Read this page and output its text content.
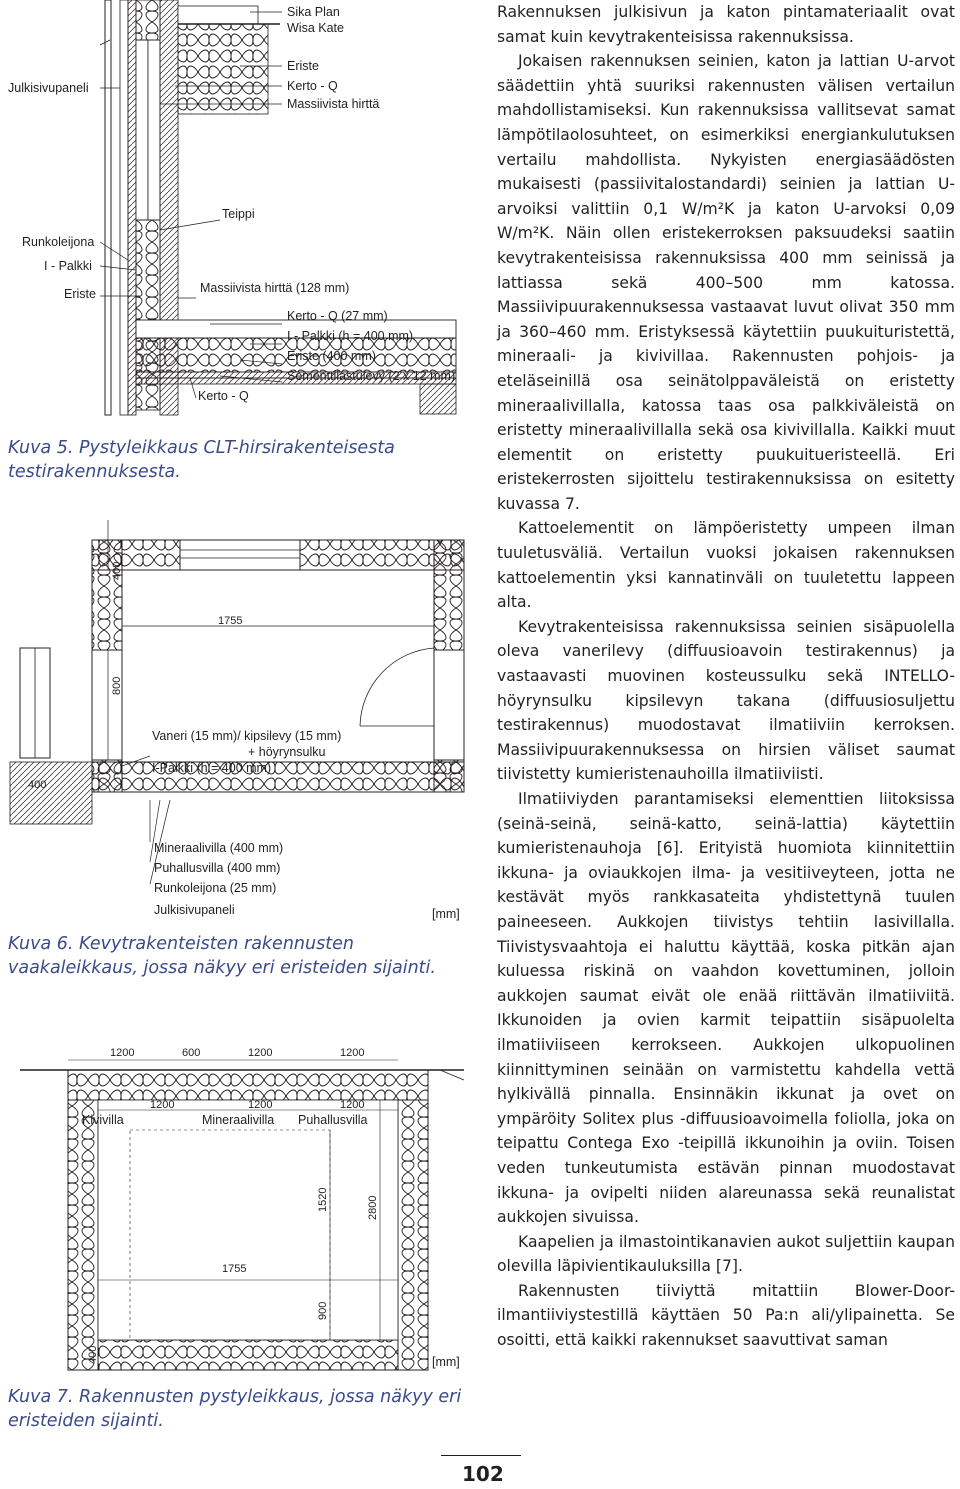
Sika Plan
Wisa Kate
Eriste
Kerto - Q
Massiivista hirttä
Julkisivupaneli
Teippi
Runkoleijona
I - Palkki
Eriste	Massiivista hirttä (128 mm)
Kerto - Q (27 mm)
I - Palkki (h = 400 mm)
Eriste (400 mm)
Sementtilastulevy (2 x 12 mm)
Kerto - Q
Kuva 5. Pystyleikkaus CLT-hirsirakenteisesta testirakennuksesta.
1755
400
800
400
Vaneri (15 mm)/ kipsilevy (15 mm)
+ höyrynsulku
I-Palkki (h = 400 mm)
Mineraalivilla (400 mm)
Puhallusvilla (400 mm)
Runkoleijona (25 mm)
Julkisivupaneli	[mm]
Kuva 6. Kevytrakenteisten rakennusten vaakaleikkaus, jossa näkyy eri eristeiden sijainti.
1200	600	1200	1200
1200	1200	1200
1755
1520	2800
900
400
Kivivilla	Mineraalivilla Puhallusvilla
[mm]
Kuva 7. Rakennusten pystyleikkaus, jossa näkyy eri eristeiden sijainti.

Rakennuksen julkisivun ja katon pintamateriaalit ovat samat kuin kevytrakenteisissa rakennuksissa.

Jokaisen rakennuksen seinien, katon ja lattian U-arvot säädettiin yhtä suuriksi rakennusten välisen vertailun mahdollistamiseksi. Kun rakennuksissa vallitsevat samat lämpötilaolosuhteet, on esimerkiksi energiankulutuksen vertailu mahdollista. Nykyisten energiasäädösten mukaisesti (passiivitalostandardi) seinien ja lattian U-arvoiksi valittiin 0,1 W/m²K ja katon U-arvoksi 0,09 W/m²K. Näin ollen eristekerroksen paksuudeksi saatiin kevytrakenteisissa rakennuksissa 400 mm seinissä ja lattiassa sekä 400–500 mm katossa. Massiivipuurakennuksessa vastaavat luvut olivat 350 mm ja 360–460 mm. Eristyksessä käytettiin puukuituristettä, mineraali- ja kivivillaa. Rakennusten pohjois- ja eteläseinillä osa seinätolppaväleistä on eristetty mineraalivillalla, katossa taas osa palkkiväleistä on eristetty mineraalivillalla sekä osa kivivillalla. Kaikki muut elementit on eristetty puukuitueristeellä. Eri eristekerrosten sijoittelu testirakennuksissa on esitetty kuvassa 7.

Kattoelementit on lämpöeristetty umpeen ilman tuuletusväliä. Vertailun vuoksi jokaisen rakennuksen kattoelementin yksi kannatinväli on tuuletettu lappeen alta.

Kevytrakenteisissa rakennuksissa seinien sisäpuolella oleva vanerilevy (diffuusioavoin testirakennus) ja vastaavasti muovinen kosteussulku sekä INTELLO-höyrynsulku kipsilevyn takana (diffuusiosuljettu testirakennus) muodostavat ilmatiiviin kerroksen. Massiivipuurakennuksessa on hirsien väliset saumat tiivistetty kumieristenauhoilla ilmatiiviisti.

Ilmatiiviyden parantamiseksi elementtien liitoksissa (seinä-seinä, seinä-katto, seinä-lattia) käytettiin kumieristenauhoja [6]. Erityistä huomiota kiinnitettiin ikkuna- ja oviaukkojen ilma- ja vesitiiveyteen, jotta ne kestävät myös rankkasateita yhdistettynä tuulen paineeseen. Aukkojen tiivistys tehtiin lasivillalla. Tiivistysvaahtoja ei haluttu käyttää, koska pitkän ajan kuluessa riskinä on vaahdon kovettuminen, jolloin aukkojen saumat eivät ole enää riittävän ilmatiiviitä. Ikkunoiden ja ovien karmit teipattiin sisäpuolelta ilmatiiviiseen kerrokseen. Aukkojen ulkopuolinen kiinnittyminen seinään on varmistettu kahdella vettä hylkivällä pinnalla. Ensinnäkin ikkunat ja ovet on ympäröity Solitex plus -diffuusioavoimella foliolla, joka on teipattu Contega Exo -teipillä ikkunoihin ja oviin. Toisen veden tunkeutumista estävän pinnan muodostavat ikkuna- ja ovipelti niiden alareunassa sekä reunalistat aukkojen sivuissa.

Kaapelien ja ilmastointikanavien aukot suljettiin kaupan olevilla läpivientikauluksilla [7].

Rakennusten tiiviyttä mitattiin Blower-Door-ilmantiiviystestillä käyttäen 50 Pa:n ali/ylipainetta. Se osoitti, että kaikki rakennukset saavuttivat saman

102
